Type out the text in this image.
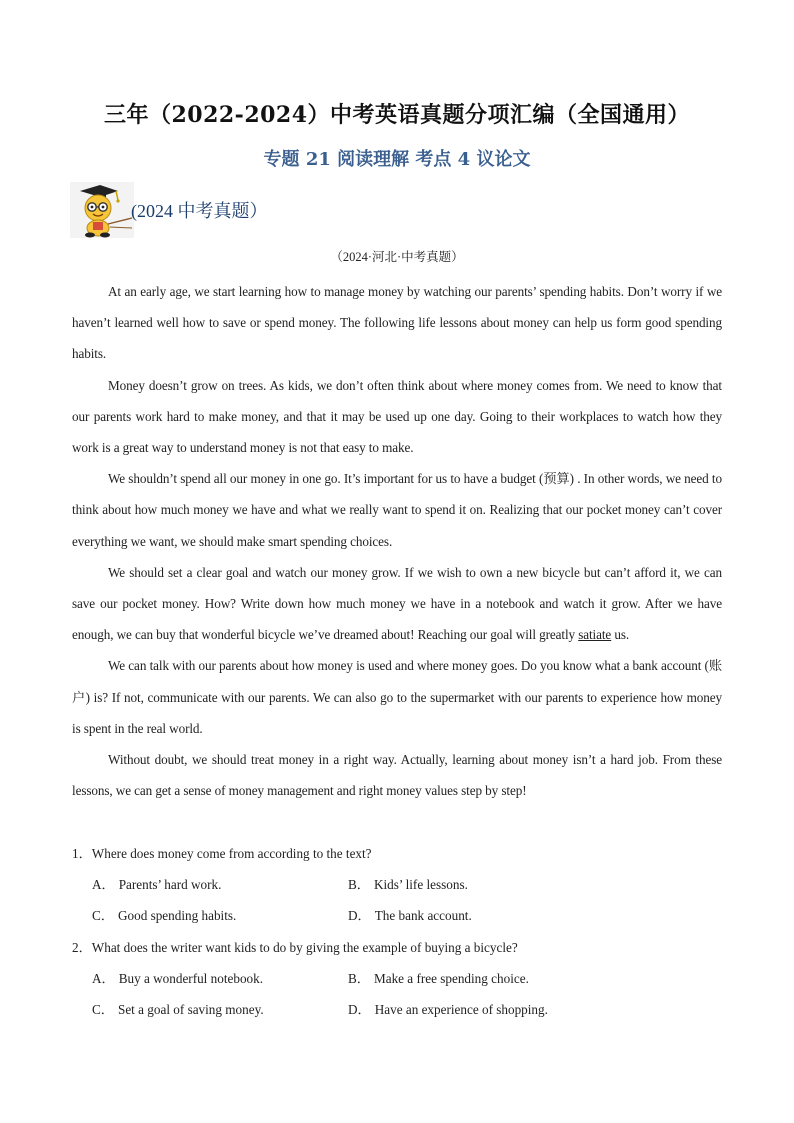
三年（2022-2024）中考英语真题分项汇编（全国通用）
专题 21 阅读理解 考点 4 议论文
(2024 中考真题）
（2024·河北·中考真题）

At an early age, we start learning how to manage money by watching our parents’ spending habits. Don’t worry if we haven’t learned well how to save or spend money. The following life lessons about money can help us form good spending habits.

Money doesn’t grow on trees. As kids, we don’t often think about where money comes from. We need to know that our parents work hard to make money, and that it may be used up one day. Going to their workplaces to watch how they work is a great way to understand money is not that easy to make.

We shouldn’t spend all our money in one go. It’s important for us to have a budget (预算) . In other words, we need to think about how much money we have and what we really want to spend it on. Realizing that our pocket money can’t cover everything we want, we should make smart spending choices.

We should set a clear goal and watch our money grow. If we wish to own a new bicycle but can’t afford it, we can save our pocket money. How? Write down how much money we have in a notebook and watch it grow. After we have enough, we can buy that wonderful bicycle we’ve dreamed about! Reaching our goal will greatly satiate us.

We can talk with our parents about how money is used and where money goes. Do you know what a bank account (账户) is? If not, communicate with our parents. We can also go to the supermarket with our parents to experience how money is spent in the real world.

Without doubt, we should treat money in a right way. Actually, learning about money isn’t a hard job. From these lessons, we can get a sense of money management and right money values step by step!

1．Where does money come from according to the text?

A． Parents’ hard work.	B． Kids’ life lessons.
C． Good spending habits.	D． The bank account.

2．What does the writer want kids to do by giving the example of buying a bicycle?

A． Buy a wonderful notebook.	B． Make a free spending choice.
C． Set a goal of saving money.	D． Have an experience of shopping.
